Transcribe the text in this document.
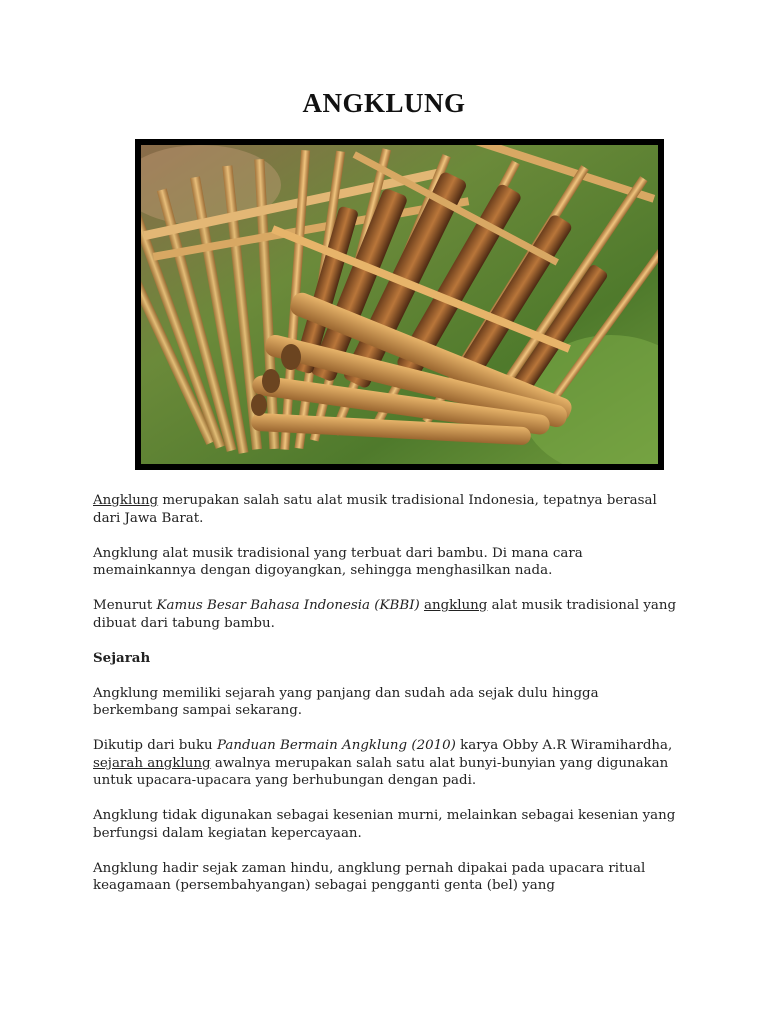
ANGKLUNG

Angklung merupakan salah satu alat musik tradisional Indonesia, tepatnya berasal dari Jawa Barat.

Angklung alat musik tradisional yang terbuat dari bambu. Di mana cara memainkannya dengan digoyangkan, sehingga menghasilkan nada.

Menurut Kamus Besar Bahasa Indonesia (KBBI) angklung alat musik tradisional yang dibuat dari tabung bambu.

Sejarah

Angklung memiliki sejarah yang panjang dan sudah ada sejak dulu hingga berkembang sampai sekarang.

Dikutip dari buku Panduan Bermain Angklung (2010) karya Obby A.R Wiramihardha, sejarah angklung awalnya merupakan salah satu alat bunyi-bunyian yang digunakan untuk upacara-upacara yang berhubungan dengan padi.

Angklung tidak digunakan sebagai kesenian murni, melainkan sebagai kesenian yang berfungsi dalam kegiatan kepercayaan.

Angklung hadir sejak zaman hindu, angklung pernah dipakai pada upacara ritual keagamaan (persembahyangan) sebagai pengganti genta (bel) yang
